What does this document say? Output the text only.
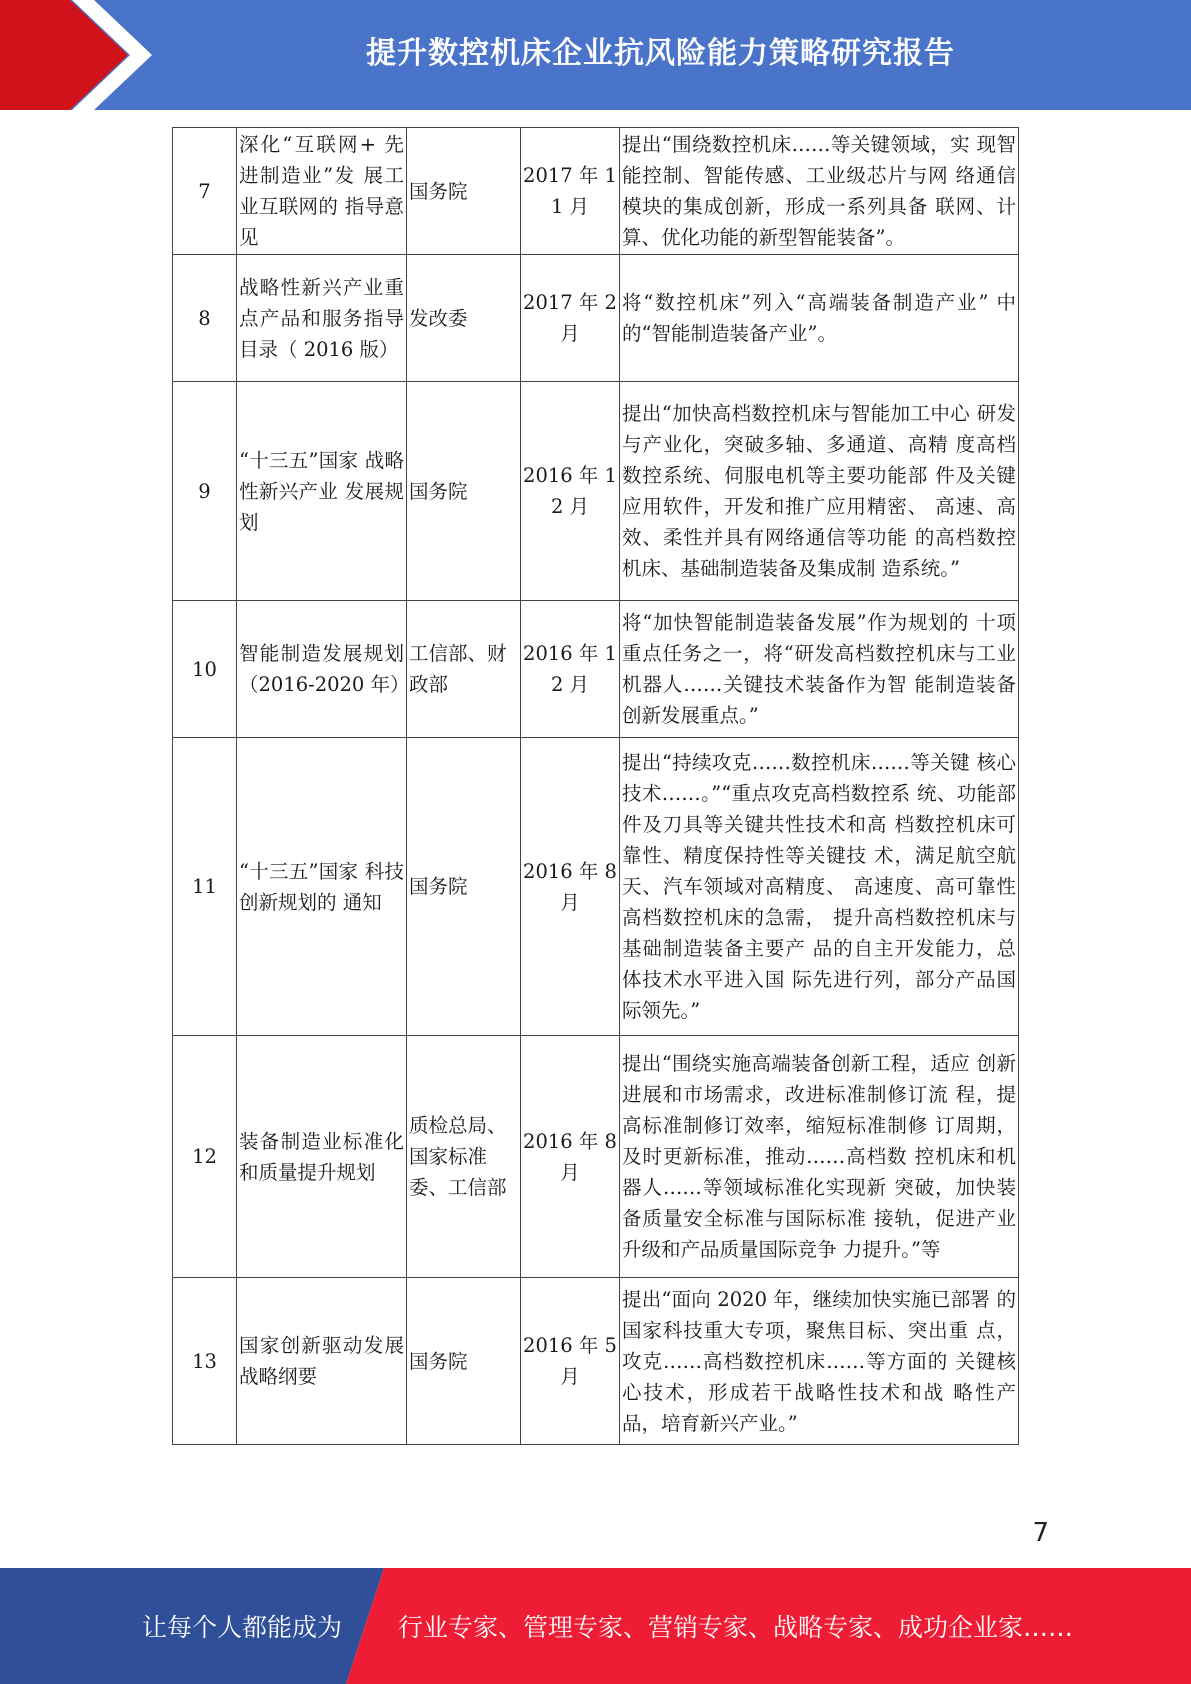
提升数控机床企业抗风险能力策略研究报告
7	深化“互联网+ 先进制造业”发 展工业互联网的 指导意见	国务院	2017 年 11 月	提出“围绕数控机床……等关键领域，实 现智能控制、智能传感、工业级芯片与网 络通信模块的集成创新，形成一系列具备 联网、计算、优化功能的新型智能装备”。
8	战略性新兴产业重点产品和服务指导目录（ 2016 版）	发改委	2017 年 2 月	将“数控机床”列入“高端装备制造产业” 中的“智能制造装备产业”。
9	“十三五”国家 战略性新兴产业 发展规划	国务院	2016 年 12 月	提出“加快高档数控机床与智能加工中心 研发与产业化，突破多轴、多通道、高精 度高档数控系统、伺服电机等主要功能部 件及关键应用软件，开发和推广应用精密、 高速、高效、柔性并具有网络通信等功能 的高档数控机床、基础制造装备及集成制 造系统。”
10	智能制造发展规划（2016-2020 年）	工信部、财政部	2016 年 12 月	将“加快智能制造装备发展”作为规划的 十项重点任务之一，将“研发高档数控机床与工业机器人……关键技术装备作为智 能制造装备创新发展重点。”
11	“十三五”国家 科技创新规划的 通知	国务院	2016 年 8 月	提出“持续攻克……数控机床……等关键 核心技术……。”“重点攻克高档数控系 统、功能部件及刀具等关键共性技术和高 档数控机床可靠性、精度保持性等关键技 术，满足航空航天、汽车领域对高精度、 高速度、高可靠性高档数控机床的急需， 提升高档数控机床与基础制造装备主要产 品的自主开发能力，总体技术水平进入国 际先进行列，部分产品国际领先。”
12	装备制造业标准化和质量提升规划	质检总局、国家标准委、工信部	2016 年 8 月	提出“围绕实施高端装备创新工程，适应 创新进展和市场需求，改进标准制修订流 程，提高标准制修订效率，缩短标准制修 订周期，及时更新标准，推动……高档数 控机床和机器人……等领域标准化实现新 突破，加快装备质量安全标准与国际标准 接轨，促进产业升级和产品质量国际竞争 力提升。”等
13	国家创新驱动发展战略纲要	国务院	2016 年 5 月	提出“面向 2020 年，继续加快实施已部署 的国家科技重大专项，聚焦目标、突出重 点，攻克……高档数控机床……等方面的 关键核心技术，形成若干战略性技术和战 略性产品，培育新兴产业。”
7
让每个人都能成为 行业专家、管理专家、营销专家、战略专家、成功企业家……
